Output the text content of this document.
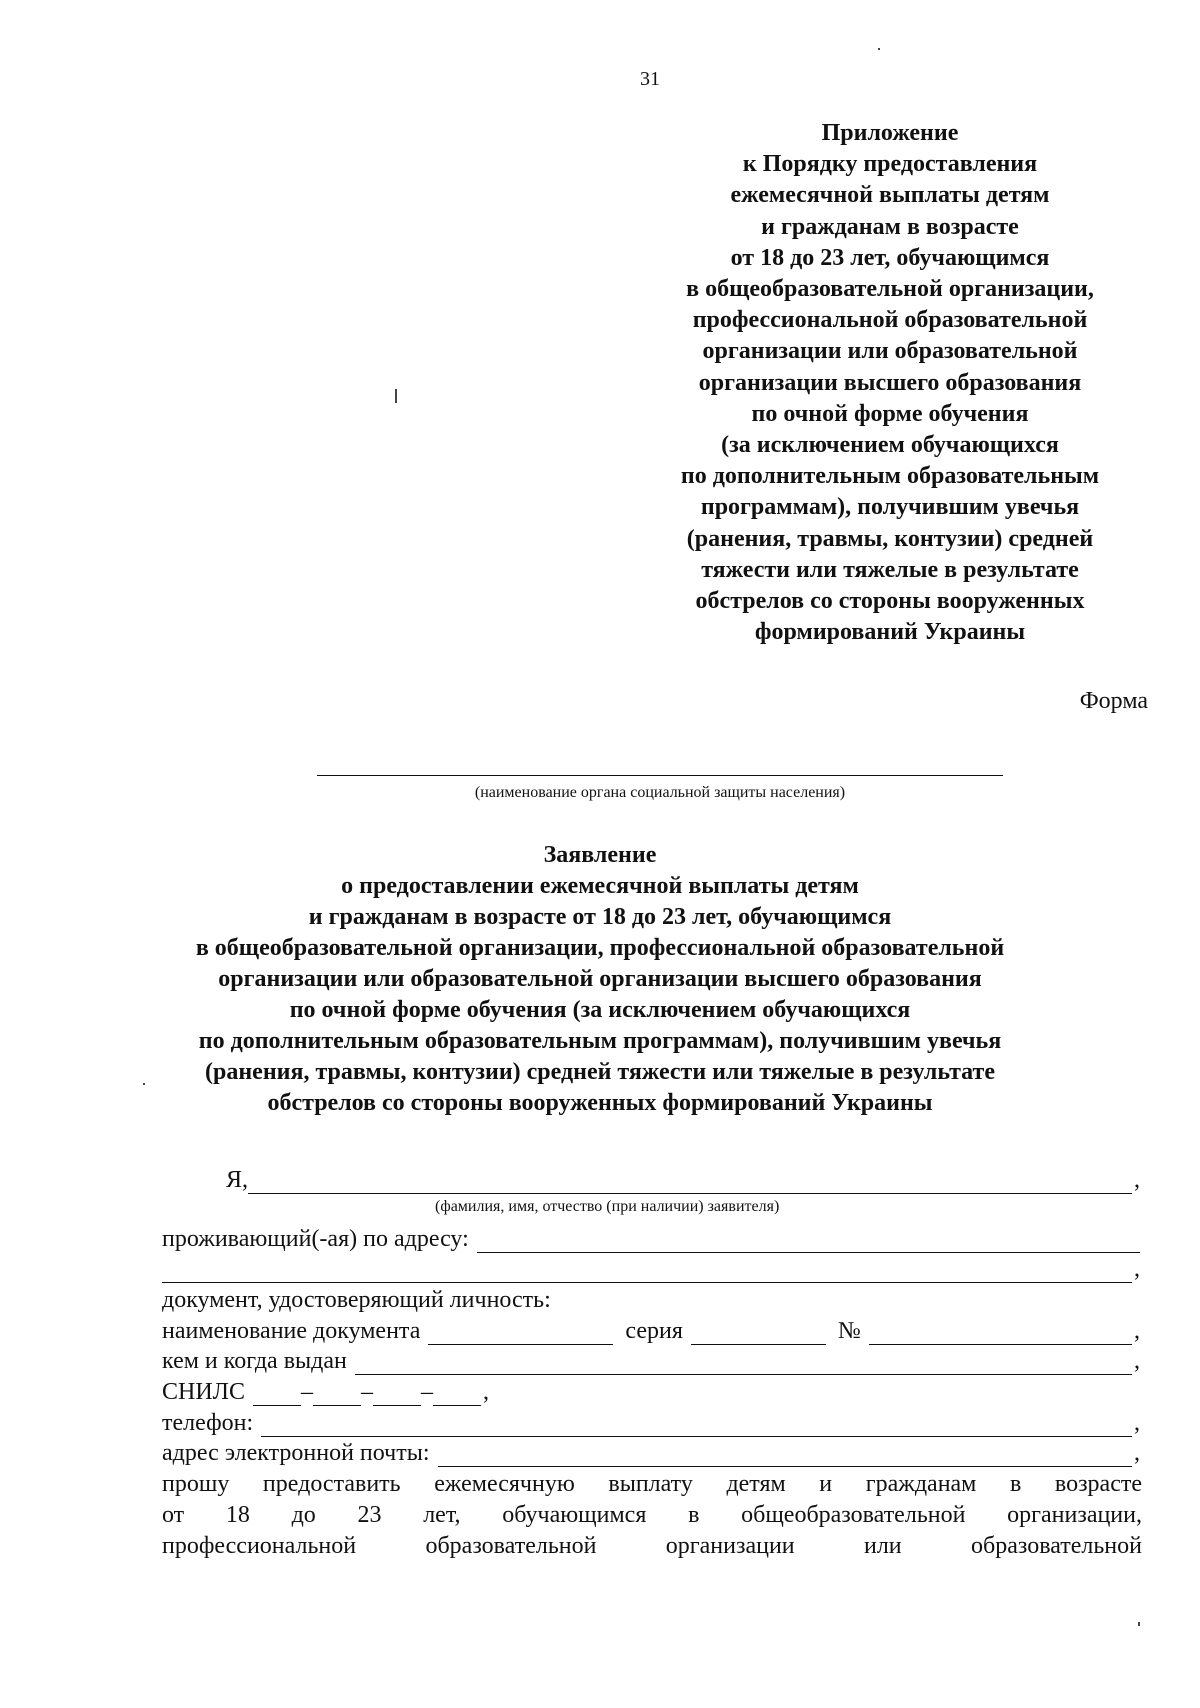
31
Приложение
к Порядку предоставления
ежемесячной выплаты детям
и гражданам в возрасте
от 18 до 23 лет, обучающимся
в общеобразовательной организации,
профессиональной образовательной
организации или образовательной
организации высшего образования
по очной форме обучения
(за исключением обучающихся
по дополнительным образовательным
программам), получившим увечья
(ранения, травмы, контузии) средней
тяжести или тяжелые в результате
обстрелов со стороны вооруженных
формирований Украины
Форма
(наименование органа социальной защиты населения)
Заявление
о предоставлении ежемесячной выплаты детям
и гражданам в возрасте от 18 до 23 лет, обучающимся
в общеобразовательной организации, профессиональной образовательной
организации или образовательной организации высшего образования
по очной форме обучения (за исключением обучающихся
по дополнительным образовательным программам), получившим увечья
(ранения, травмы, контузии) средней тяжести или тяжелые в результате
обстрелов со стороны вооруженных формирований Украины
Я,	,
(фамилия, имя, отчество (при наличии) заявителя)
проживающий(-ая) по адресу:
,
документ, удостоверяющий личность:
наименование документа	серия	№	,
кем и когда выдан	,
СНИЛС – – – ,
телефон:	,
адрес электронной почты:	,
прошу предоставить ежемесячную выплату детям и гражданам в возрасте
от 18 до 23 лет, обучающимся в общеобразовательной организации,
профессиональной образовательной организации или образовательной
